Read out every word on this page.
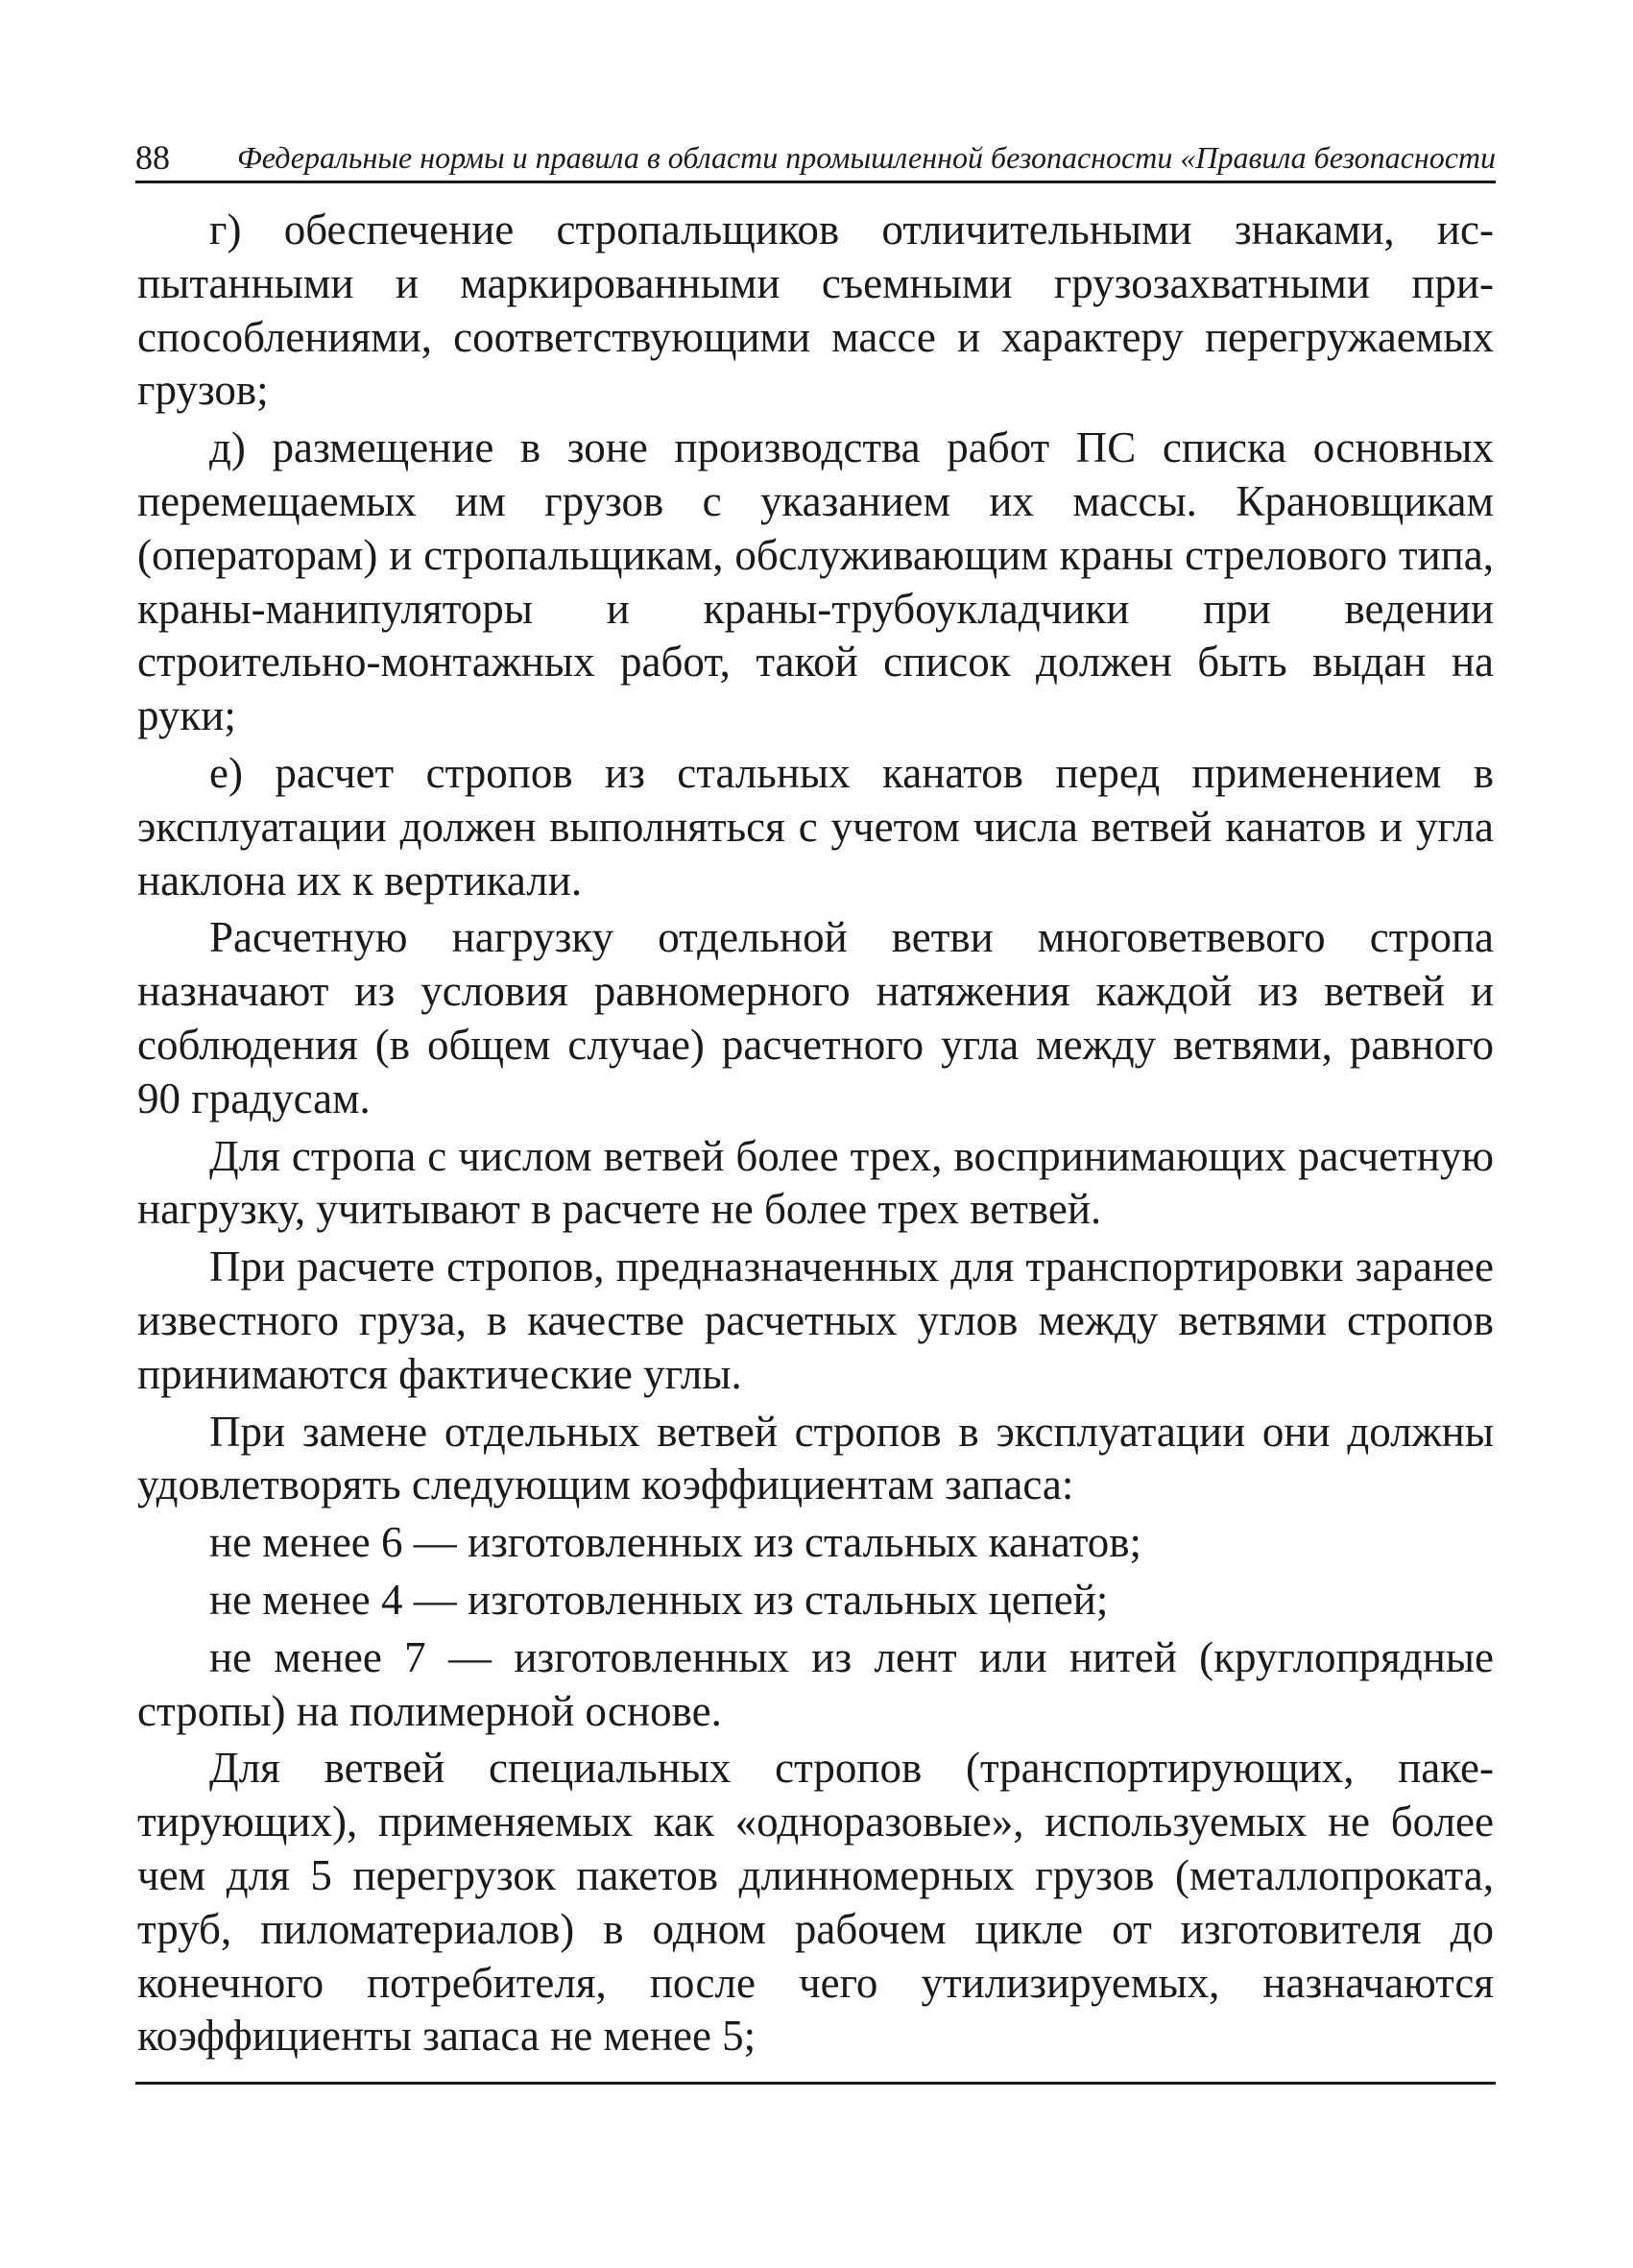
88 Федеральные нормы и правила в области промышленной безопасности «Правила безопасности

г) обеспечение стропальщиков отличительными знаками, испытанными и маркированными съемными грузозахватными приспособлениями, соответствующими массе и характеру перегружаемых грузов;

д) размещение в зоне производства работ ПС списка основных перемещаемых им грузов с указанием их массы. Крановщикам (операторам) и стропальщикам, обслуживающим краны стрелового типа, краны-манипуляторы и краны-трубоукладчики при ведении строительно-монтажных работ, такой список должен быть выдан на руки;

е) расчет стропов из стальных канатов перед применением в эксплуатации должен выполняться с учетом числа ветвей канатов и угла наклона их к вертикали.

Расчетную нагрузку отдельной ветви многоветвевого стропа назначают из условия равномерного натяжения каждой из ветвей и соблюдения (в общем случае) расчетного угла между ветвями, равного 90 градусам.

Для стропа с числом ветвей более трех, воспринимающих расчетную нагрузку, учитывают в расчете не более трех ветвей.

При расчете стропов, предназначенных для транспортировки заранее известного груза, в качестве расчетных углов между ветвями стропов принимаются фактические углы.

При замене отдельных ветвей стропов в эксплуатации они должны удовлетворять следующим коэффициентам запаса:

не менее 6 — изготовленных из стальных канатов;

не менее 4 — изготовленных из стальных цепей;

не менее 7 — изготовленных из лент или нитей (круглопрядные стропы) на полимерной основе.

Для ветвей специальных стропов (транспортирующих, пакетирующих), применяемых как «одноразовые», используемых не более чем для 5 перегрузок пакетов длинномерных грузов (металлопроката, труб, пиломатериалов) в одном рабочем цикле от изготовителя до конечного потребителя, после чего утилизируемых, назначаются коэффициенты запаса не менее 5;
